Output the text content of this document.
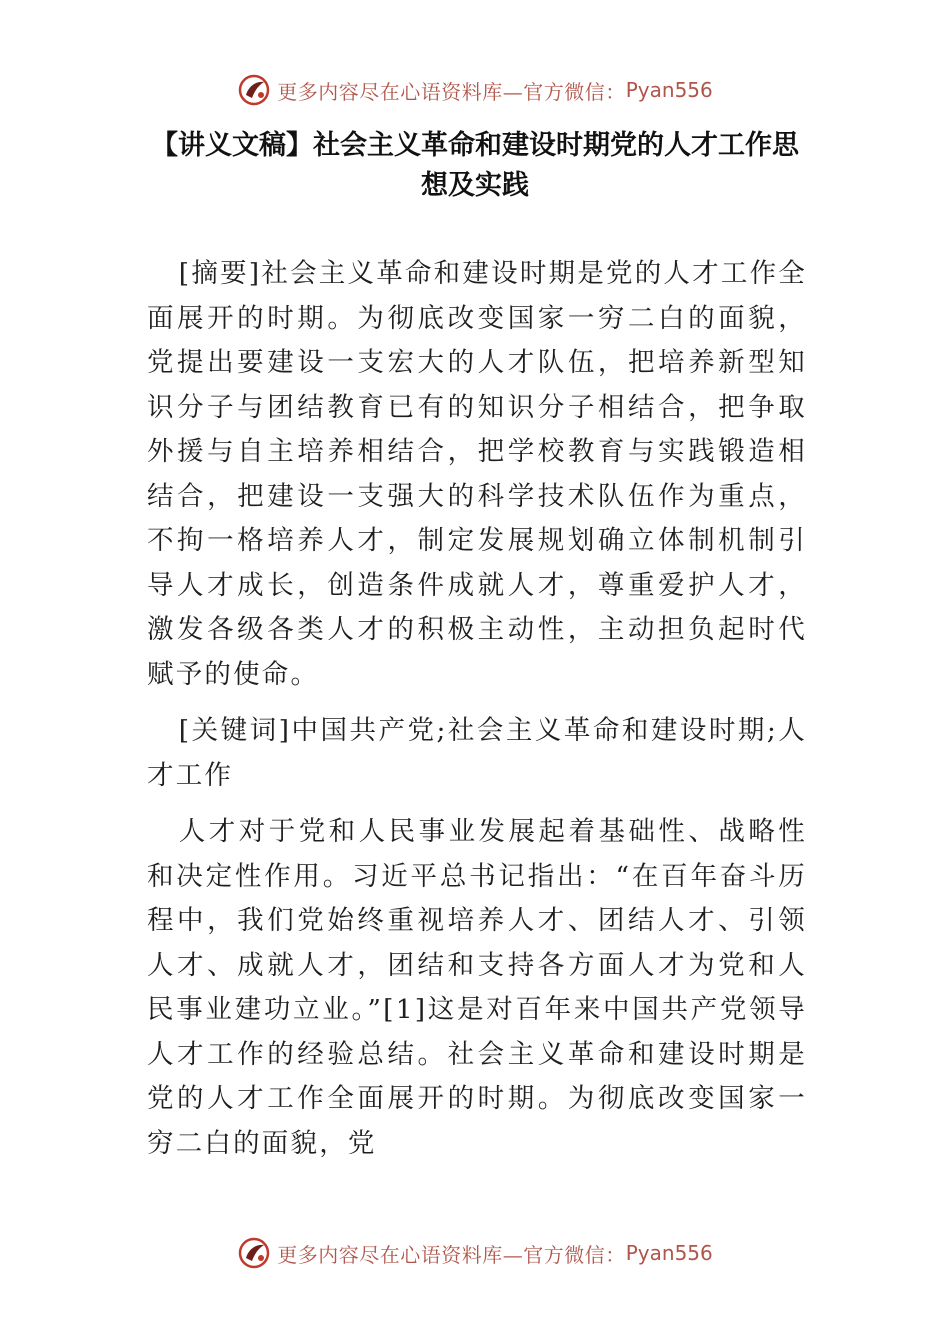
更多内容尽在心语资料库—官方微信： Pyan556
【讲义文稿】社会主义革命和建设时期党的人才工作思想及实践

[摘要]社会主义革命和建设时期是党的人才工作全面展开的时期。为彻底改变国家一穷二白的面貌，党提出要建设一支宏大的人才队伍，把培养新型知识分子与团结教育已有的知识分子相结合，把争取外援与自主培养相结合，把学校教育与实践锻造相结合，把建设一支强大的科学技术队伍作为重点，不拘一格培养人才，制定发展规划确立体制机制引导人才成长，创造条件成就人才，尊重爱护人才，激发各级各类人才的积极主动性，主动担负起时代赋予的使命。

[关键词]中国共产党;社会主义革命和建设时期;人才工作

人才对于党和人民事业发展起着基础性、战略性和决定性作用。习近平总书记指出：“在百年奋斗历程中，我们党始终重视培养人才、团结人才、引领人才、成就人才，团结和支持各方面人才为党和人民事业建功立业。”[1]这是对百年来中国共产党领导人才工作的经验总结。社会主义革命和建设时期是党的人才工作全面展开的时期。为彻底改变国家一穷二白的面貌，党

更多内容尽在心语资料库—官方微信： Pyan556
